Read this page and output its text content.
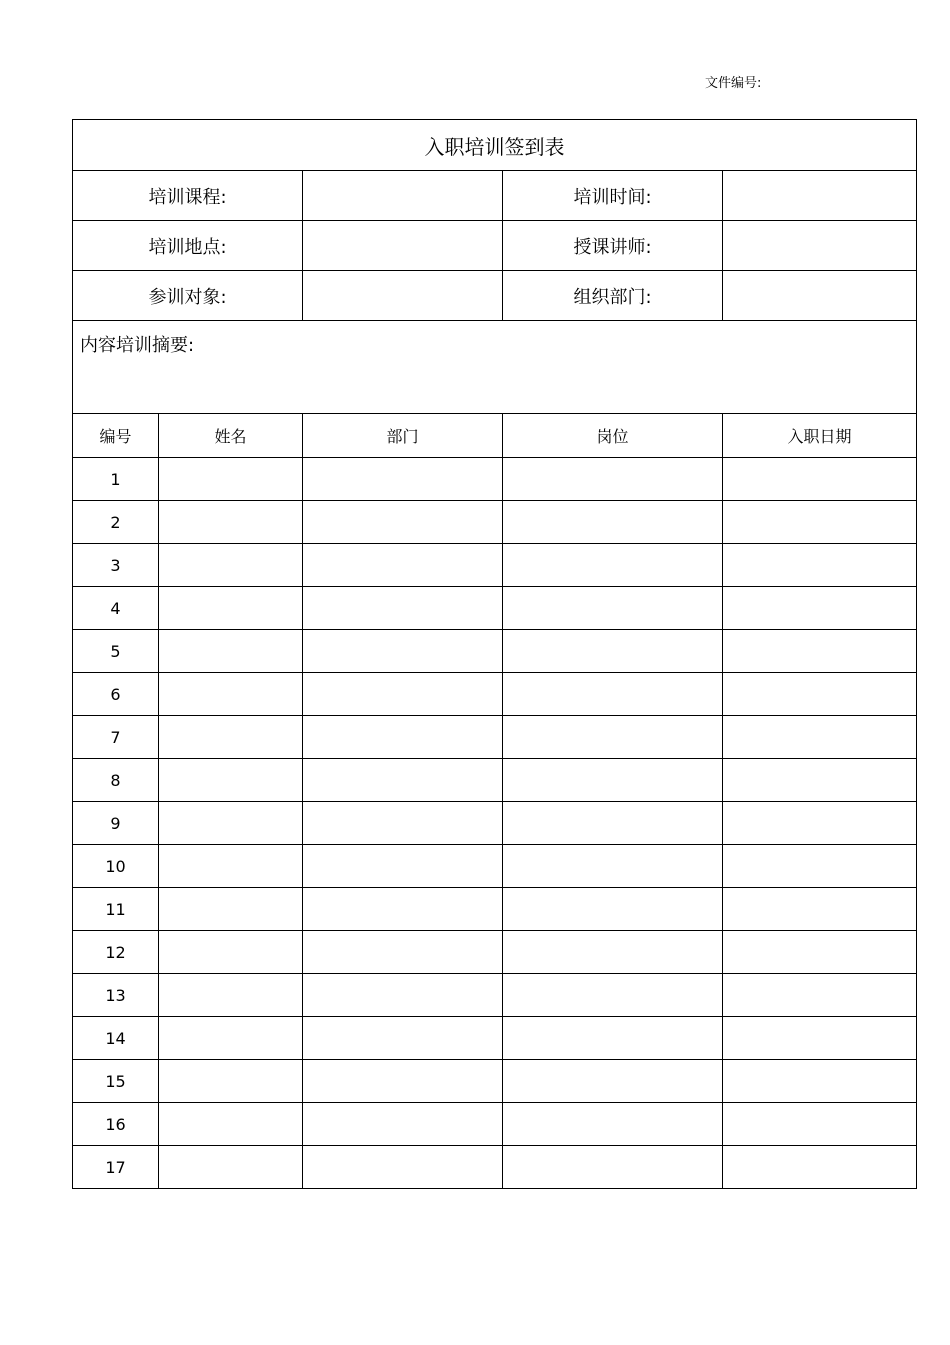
文件编号:
入职培训签到表				
培训课程:			培训时间:	
培训地点:			授课讲师:	
参训对象:			组织部门:	
内容培训摘要:				
编号	姓名	部门	岗位	入职日期
1				
2				
3				
4				
5				
6				
7				
8				
9				
10				
11				
12				
13				
14				
15				
16				
17				
